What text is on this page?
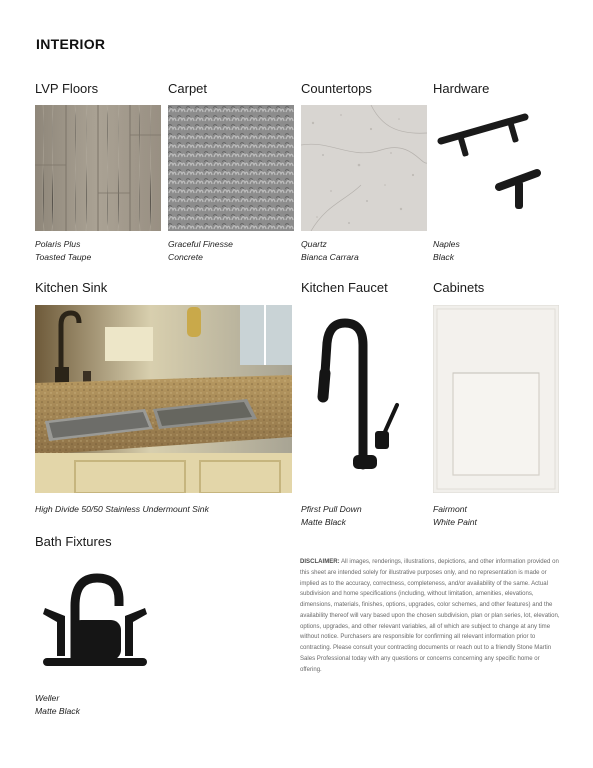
INTERIOR
LVP Floors	Carpet	Countertops	Hardware
Polaris Plus
Toasted Taupe
Graceful Finesse
Concrete
Quartz
Bianca Carrara
Naples
Black
Kitchen Sink	Kitchen Faucet	Cabinets
High Divide 50/50 Stainless Undermount Sink	Pfirst Pull Down
Matte Black
Fairmont
White Paint
Bath Fixtures
Weller
Matte Black
DISCLAIMER: All images, renderings, illustrations, depictions, and other information provided on this sheet are intended solely for illustrative purposes only, and no representation is made or implied as to the accuracy, correctness, completeness, and/or availability of the same. Actual subdivision and home specifications (including, without limitation, amenities, elevations, dimensions, materials, finishes, options, upgrades, color schemes, and other features) and the availability thereof will vary based upon the chosen subdivision, plan or plan series, lot, elevation, options, upgrades, and other relevant variables, all of which are subject to change at any time without notice. Purchasers are responsible for confirming all relevant information prior to contracting. Please consult your contracting documents or reach out to a friendly Stone Martin Sales Professional today with any questions or concerns concerning any specific home or offering.
